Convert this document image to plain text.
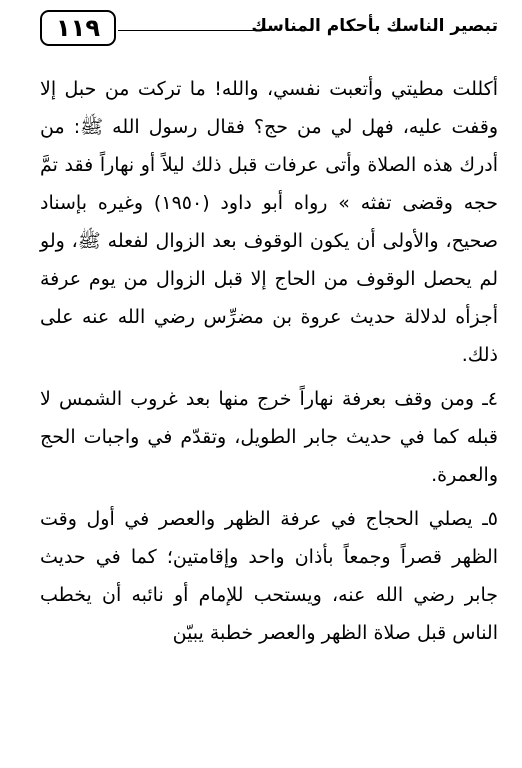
تبصير الناسك بأحكام المناسك
١١٩

أكللت مطيتي وأتعبت نفسي، والله! ما تركت من حبل إلا وقفت عليه، فهل لي من حج؟ فقال رسول الله ﷺ: من أدرك هذه الصلاة وأتى عرفات قبل ذلك ليلاً أو نهاراً فقد تمَّ حجه وقضى تفثه » رواه أبو داود (١٩٥٠) وغيره بإسناد صحيح، والأولى أن يكون الوقوف بعد الزوال لفعله ﷺ، ولو لم يحصل الوقوف من الحاج إلا قبل الزوال من يوم عرفة أجزأه لدلالة حديث عروة بن مضرِّس رضي الله عنه على ذلك.

٤ـ ومن وقف بعرفة نهاراً خرج منها بعد غروب الشمس لا قبله كما في حديث جابر الطويل، وتقدّم في واجبات الحج والعمرة.

٥ـ يصلي الحجاج في عرفة الظهر والعصر في أول وقت الظهر قصراً وجمعاً بأذان واحد وإقامتين؛ كما في حديث جابر رضي الله عنه، ويستحب للإمام أو نائبه أن يخطب الناس قبل صلاة الظهر والعصر خطبة يبيّن
